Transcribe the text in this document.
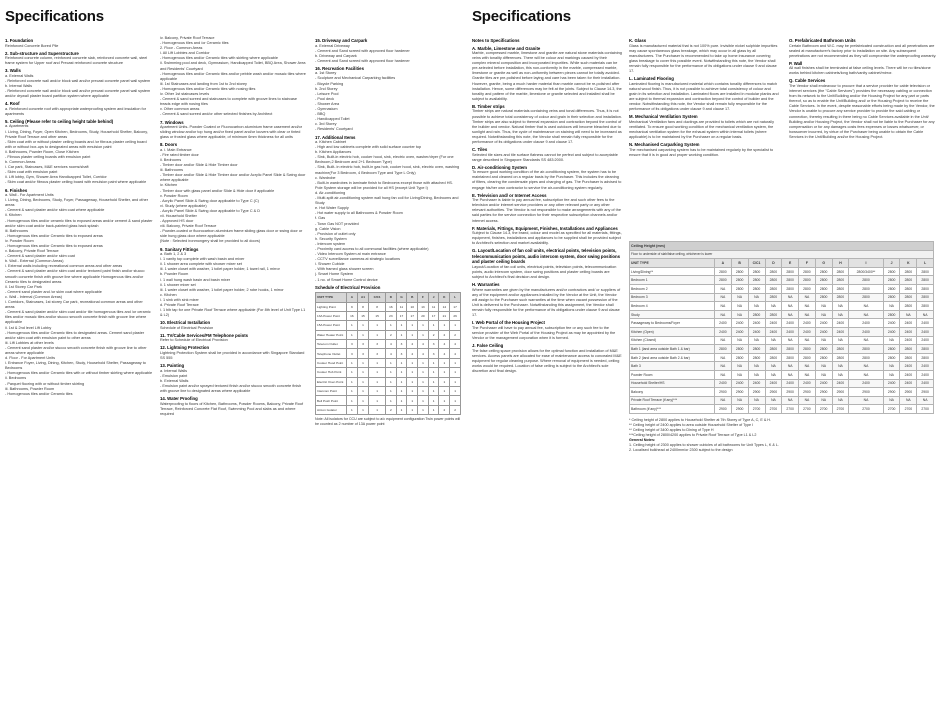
Specifications
1. Foundation
Reinforced Concrete Bored Pile
2. Sub-structure and Superstructure
Reinforced concrete column, reinforced concrete slab, reinforced concrete wall, steel frame system for Upper roof and Precast reinforced concrete structure
3. Walls
a. External Walls
- Reinforced concrete wall and/or block wall and/or precast concrete panel wall system
b. Internal Walls
- Reinforced concrete wall and/or block wall and/or precast concrete panel wall system and/or drywall plaster board partition system where applicable
4. Roof
a. Reinforced concrete roof with appropriate waterproofing system and insulation for apartments
5. Ceiling (Please refer to ceiling height table behind)
a. Apartments
i. Living, Dining, Foyer, Open Kitchen, Bedrooms, Study, Household Shelter, Balcony, Private Roof Terrace and other areas
- Skim coat with or without plaster ceiling boards and /or fibrous plaster ceiling board with or without box-ups to designated areas with emulsion paint
ii. Bathrooms, Powder Room, Close Kitchen
- Fibrous plaster ceiling boards with emulsion paint
b. Common Areas
i. Car park, Staircases, M&E services rooms/shaft
- Skim coat with emulsion paint
ii. Lift lobby, Gym, Shower Area Handicapped Toilet, Corridor
- Skim coat and/or fibrous plaster ceiling board with emulsion paint where applicable
6. Finishes
a. Wall - For Apartment Units
i. Living, Dining, Bedrooms, Study, Foyer, Passageway, Household Shelter, and other areas
- Cement & sand plaster and/or skim coat where applicable
ii. Kitchen
- Homogenous tiles and/or ceramic tiles to exposed areas and/or cement & sand plaster and/or skim coat and/or back-painted glass back splash
iii. Bathrooms
- Homogenous tiles and/or Ceramic tiles to exposed areas
iv. Powder Room
- Homogenous tiles and/or Ceramic tiles to exposed areas
v. Balcony, Private Roof Terrace
- Cement & sand plaster and/or skim coat
b. Wall - External (Common Areas)
i. External walls including recreational common areas and other areas
- Cement & sand plaster and/or skim coat and/or textured paint finish and/or stucco smooth concrete finish with groove line where applicable Homogenous tiles and/or Ceramic tiles to designated areas
ii. 1st Storey Car Park
- Cement sand plaster and /or skim coat where applicable
c. Wall - Internal (Common Areas)
i. Corridors, Staircases, 1st storey Car park, recreational common areas and other areas
- Cement & sand plaster and/or skim coat and/or tile homogenous tiles and /or ceramic tiles and/or mosaic tiles and/or stucco smooth concrete finish with groove line where applicable
ii. 1st & 2nd level Lift Lobby
- Homogenous tiles and/or Ceramic tiles to designated areas. Cement sand plaster and/or skim coat with emulsion paint to other areas
iii. Lift Lobbies at other levels
- Cement sand plaster and/or stucco smooth concrete finish with groove line to other areas where applicable
d. Floor - For Apartment Units
i. Entrance Foyer, Living, Dining, Kitchen, Study, Household Shelter, Passageway to Bedrooms
- Homogenous tiles and/or Ceramic tiles with or without timber skirting where applicable
ii. Bedrooms
- Parquet flooring with or without timber skirting
iii. Bathrooms, Powder Room
- Homogenous tiles and/or Ceramic tiles
iv. Balcony, Private Roof Terrace
- Homogenous tiles and /or Ceramic tiles
2. Floor - Common Areas
i. All Lift Lobbies and Corridor
- Homogenous tiles and/or Ceramic tiles with skirting where applicable
ii. Swimming pool and deck, Gymnasium, Handicapped Toilet, BBQ Area, Shower Area and Residents' Courtyard
- Homogenous tiles and/or Ceramic tiles and/or pebble wash and/or mosaic tiles where applicable
iii. 1st Staircases and landing from 1st to 2nd storey
- Homogenous tiles and/or Ceramic tiles with nosing tiles
iv. Other 1st staircases levels
- Cement & sand screed and staircases to complete with groove lines to staircase treads edge with nosing tiles
v. Other common areas
- Cement & sand screed and/or other selected finishes by Architect
7. Windows
Apartment Units- Powder Coated or Fluorocarbon aluminium frame casement and/or sliding window and/or top hung and/or fixed panel and/or louvers with clear or tinted glass or frosted glass where applicable, of minimum 6mm thickness for all units
8. Doors
a. i. Main Entrance
- Fire rated timber door
ii. Bedrooms
- Timber door and/or Slide & Hide Timber door
iii. Bathrooms
- Timber door and/or Slide & Hide Timber door and/or Acrylic Panel Slide & Swing door where applicable
iv. Kitchen
- Timber door with glass panel and/or Slide & Hide door if applicable
v. Powder Room
- Acrylic Panel Slide & Swing door applicable to Type C (C)
vi. Study (where applicable)
- Acrylic Panel Slide & Swing door applicable to Type C & D
vii. Household Shelter
- Approved HS door
viii. Balcony, Private Roof Terrace
- Powder-coated or fluorocarbon aluminium frame sliding glass door or swing door or side hung glass door where applicable
(Note : Selected ironmongery shall be provided to all doors)
9. Sanitary Fittings
a. Bath 1, 2 & 3
i. 1 vanity top complete with wash basin and mixer
ii. 1 shower area complete with shower mixer set
iii. 1 water closet with washer, 1 toilet paper holder, 1 towel rail, 1 mirror
b. Powder Room
i. 1 wall hung wash basin and basin mixer
ii. 1 shower mixer set
iii. 1 water closet with washer, 1 toilet paper holder, 2 robe hooks, 1 mirror
c. Kitchen
i. 1 sink with sink mixer
d. Private Roof Terrace
i. 1 bib tap for one Private Roof Terrace where applicable (For 8th level of Unit Type L1 & L2)
10. Electrical Installation
Schedule of Electrical Provision
11. TV/Cable Services/FM Telephone points
Refer to Schedule of Electrical Provision
12. Lightning Protection
Lightning Protection System shall be provided in accordance with Singapore Standard SS 555
13. Painting
a. Internal Walls
- Emulsion paint
b. External Walls
- Emulsion paint and/or sprayed textured finish and/or stucco smooth concrete finish with groove line to designated areas where applicable
14. Water Proofing
Waterproofing to floors of Kitchen, Bathrooms, Powder Rooms, Balcony, Private Roof Terrace, Reinforced Concrete Flat Roof, Swimming Pool and slabs as and where required
15. Driveway and Carpark
a. External Driveway
- Cement and Sand screed with approved floor hardener
b. Driveway and Carpark
- Cement and Sand screed with approved floor hardener
16. Recreation Facilities
a. 1st Storey
- Sculpture and Mechanical Carparking facilities
- Bicycle Parking
b. 2nd Storey
- Leisure Pool
- Pool deck
- Shower Area
- Gymnasium
- BBQ
- Handicapped Toilet
c. 3rd Storey
- Residents' Courtyard
17. Additional Items
a. Kitchen Cabinet
- High and low cabinets complete with solid surface counter top
b. Kitchen Appliances
- Sink, Built-in electric hob, cooker hood, sink, electric oven, washer/dryer (For one Bedroom,2 Bedroom and 2+1 Bedroom Type)
- Sink, Built- in electric hob, built-in gas hob, cooker hood, sink, electric oven, washing machine(For 3 Bedroom, 4 Bedroom Type and Type L Only)
c. Wardrobe
- Built-in wardrobes in laminate finish to Bedrooms except those with attached HS. Pole System storage will be provided for all HS (except Unit Type I)
d. Air-conditioning
- Multi-split air-conditioning system wall hung fan coil for Living/Dining, Bedrooms and Study
e. Hot Water Supply
- Hot water supply to all Bathrooms & Powder Room
f. Gas
- Town Gas NOT provided
g. Cable Vision
- Provision of outlet only
h. Security System
- Intercom system
- Proximity card access to all communal facilities (where applicable)
- Video Intercom System at main entrance
- CCTV surveillance cameras at strategic locations
i. Shower Cubicle
- With framed glass shower screen
j. Smart Home System
- 1 no. of Smart Home Control device
Schedule of Electrical Provision
UNIT TYPE	A	A1	C/C1	D	G	B	F	J	K	L
Lighting Point	9	8	8	16	11	10	13	11	14	17
13A Power Point	16	15	15	23	17	17	20	17	21	26
15A Power Point	1	1	1	1	1	1	1	1	1	1
Water Heater Point	1	1	1	2	1	1	1	2	2	2
Telecom Outlet	3	3	3	4	3	4	4	3	4	4
Telephone Outlet	3	3	3	4	3	4	4	3	4	4
Cooker Hood Point	1	1	1	1	1	1	1	1	1	1
Cooker Hob Point	1	1	1	1	1	1	1	1	1	1
Electric Oven Point	1	1	1	1	1	1	1	1	1	1
Intercom Point	1	1	1	1	1	1	1	1	1	1
Bell Push Point	1	1	1	1	1	1	1	1	1	1
Aircon Isolator	1	1	1	2	1	1	1	1	2	2
Note: All isolators for CCU are subject to a/c equipment configuration Twin power points will be counted as 2 number of 13A power point
Specifications
Notes to Specifications
A. Marble, Limestone and Granite
Marble, compressed marble, limestone and granite are natural stone materials containing veins with tonality differences. There will be colour and markings caused by their complex mineral composition and incorporated impurities. While such materials can be pre-selected before installation, this non-conformity in the marble, compressed marble, limestone or granite as well as non-uniformity between pieces cannot be totally avoided. Granite tiles are pre-polished before laying and care has been taken for their installation. However, granite, being a much harder material than marble cannot be re-polished after installation. Hence, some differences may be felt at the joints. Subject to Clause 14.3, the tonality and pattern of the marble, limestone or granite selected and installed shall be subject to availability.
B. Timber strips
Timber strips are natural materials containing veins and tonal differences. Thus, it is not possible to achieve total consistency of colour and grain in their selection and installation. Timber strips are also subject to thermal expansion and contraction beyond the control of the builder and vendor. Natural timber that is used outdoors will become bleached due to sunlight and rain. Thus, the cycle of maintenance on staining will need to be increased as required. Notwithstanding this note, the Vendor shall remain fully responsible for the performance of its obligations under clause 9 and clause 17.
C. Tiles
Selected tile sizes and tile surface flatness cannot be perfect and subject to acceptable range described in Singapore Standards SS 483:2000.
D. Air-conditioning System
To ensure good working condition of the air-conditioning system, the system has to be maintained and cleaned on a regular basis by the Purchaser. This includes the cleaning of filters, clearing the condensate pipes and charging of gas. The Purchaser is advised to engage his/her own contractor to service the air-conditioning system regularly.
E. Television and/ or Internet Access
The Purchaser is liable to pay annual fee, subscription fee and such other fees to the television and/or internet service providers or any other relevant party or any other relevant authorities. The Vendor is not responsible to make arrangements with any of the said parties for the service connection for their respective subscription channels and/or internet access.
F. Materials, Fittings, Equipment, Finishes, Installations and Appliances
Subject to Clause 14.3, the brand, colour and model as specified for all materials, fittings, equipment, finishes, installations and appliances to be supplied shall be provided subject to Architect's selection and market availability.
G. Layout/Location of fan coil units, electrical points, television points, telecommunication points, audio intercom system, door swing positions and plaster ceiling boards
Layout/Location of fan coil units, electrical points, television points, telecommunication points, audio intercom system, door swing positions and plaster ceiling boards are subject to Architect's final decision and design.
H. Warranties
Where warranties are given by the manufacturers and/or contractors and/ or suppliers of any of the equipment and/or appliances installed by the Vendor at the Unit, the Vendor will assign to the Purchaser such warranties at the time when vacant possession of the Unit is delivered to the Purchaser. Notwithstanding this assignment, the Vendor shall remain fully responsible for the performance of its obligations under clause 9 and clause 17.
I. Web Portal of the Housing Project
The Purchaser will have to pay annual fee, subscription fee or any such fee to the service provider of the Web Portal of the Housing Project as may be appointed by the Vendor or the management corporation when it is formed.
J. False Ceiling
The false ceiling space provision allows for the optimal function and installation of M&E services. Access panels are allocated for ease of maintenance access to concealed M&E equipment for regular cleaning purpose. Where removal of equipment is needed, ceiling works would be required. Location of false ceiling is subject to the Architect's sole discretion and final design.
K. Glass
Glass is manufactured material that is not 100% pure. Invisible nickel sulphide impurities may cause spontaneous glass breakage, which may occur in all glass by all manufacturers. The Purchaser is recommended to take up home insurance covering glass breakage to cover this possible event. Notwithstanding this note, the Vendor shall remain fully responsible for the performance of its obligations under clause 9 and clause 17.
L. Laminated Flooring
Laminated flooring is manufactured material which contains tonality differences to match natural wood finish. Thus, it is not possible to achieve total consistency of colour and grain in its selection and installation. Laminated floors are installed in modular planks and are subject to thermal expansion and contraction beyond the control of builder and the vendor. Notwithstanding this note, the Vendor shall remain fully responsible for the performance of its obligations under clause 9 and clause 17.
M. Mechanical Ventilation System
Mechanical Ventilation fans and ductings are provided to toilets which are not naturally ventilated. To ensure good working condition of the mechanical ventilation system, the mechanical ventilation system for the exhaust system within internal toilets (where applicable) is to be maintained by the Purchaser on a regular basis.
N. Mechanised Carparking System
The mechanised carparking system has to be maintained regularly by the specialist to ensure that it is in good and proper working condition.
O. Prefabricated Bathroom Units
Certain Bathroom and W.C. may be prefabricated construction and all penetrations are sealed at manufacturer's factory prior to installation on site. Any subsequent penetrations are not recommended as they will compromise the waterproofing warranty.
P. Wall
All wall finishes shall be terminated at false ceiling levels. There will be no tiles/stone works behind kitchen cabinets/long bath/vanity cabinet/mirror.
Q. Cable Services
The Vendor shall endeavour to procure that a service provider for cable television or internet services (the "Cable Services") provides the necessary cabling or connection from its network to the Unit/Building and/or the Housing Project for any part or parts thereof, so as to enable the Unit/Building and/ or the Housing Project to receive the Cable Services. In the event, despite reasonable efforts being made by the Vendor, the Vendor is unable to procure any service provider to provide the said cabling or connection, thereby resulting in there being no Cable Services available in the Unit/ Building and/or Housing Project, the Vendor shall not be liable to the Purchaser for any compensation or for any damages costs fees expenses or losses whatsoever, or howsoever incurred, by virtue of the Purchaser being unable to obtain the Cable Services in the Unit/Building and/or the Housing Project.
Ceiling Height (mm)												
Floor to underside of slab/false ceiling, whichever is lower												
UNIT TYPE	A	B	C/C1	D	E	F	G	H	I	J	K	L
Living/Dining**	2800	2800	2800	2800	2800	2800	2800	2800	2800/3400**	2800	2800	2800
Bedroom 1	2800	2800	2800	2800	2800	2800	2800	2800	2800	2800	2800	2800
Bedroom 2	NA	2800	2800	2800	2800	2800	2800	2800	2800	2800	2800	2800
Bedroom 3	NA	NA	NA	2800	NA	NA	2800	2800	2800	2800	2800	2800
Bedroom 4	NA	NA	NA	NA	NA	NA	NA	NA	NA	NA	2800	2800
Study	NA	NA	2800	2800	NA	NA	NA	NA	NA	2800	NA	NA
Passageway to Bedrooms/Foyer	2400	2400	2400	2400	2400	2400	2400	2400	2400	2400	2400	2400
Kitchen (Open)	2400	2400	2400	2400	2400	2400	2400	2400	2400	2400	2400	2400
Kitchen (Closed)	NA	NA	NA	NA	NA	NA	NA	NA	NA	NA	2400	2400
Bath 1 (land area outside Bath 1 & bar)	2800	2800	2800	2800	2800	2800	2800	2800	2800	2800	2800	2800
Bath 2 (land area outside Bath 2 & bar)	NA	2800	2800	2800	2800	2800	2800	2800	2800	2800	2800	2800
Bath 3	NA	NA	NA	NA	NA	NA	NA	NA	NA	NA	2400	2400
Powder Room	NA	NA	NA	NA	NA	NA	NA	NA	NA	NA	2400	2400
Household Shelter/HS	2400	2400	2400	2400	2400	2400	2400	2400	2400	2400	2400	2400
Balcony	2900	2900	2900	2900	2900	2900	2900	2900	2900	2900	2900	2900
Private Roof Terrace (if any)***	NA	NA	NA	NA	NA	NA	NA	NA	NA	NA	NA	NA
Bathroom (if any)***	2900	2900	2700	2700	2700	2700	2700	2700	2700	2700	2700	2700
* Ceiling height of 2800 applies to Household Shelter at 7th Storey of Type A, C, E & H.
** Ceiling height of 2400 applies to area outside Household Shelter of Type I
** Ceiling height of 3400 applies to Dining of Type H
***Ceiling height of 2800/4200 applies to Private Roof Terrace of Type L1 & L2
General Notes:
1. Ceiling height of 2300 applies to shower cubicles of all bathrooms for Unit Types L, K & L.
2. Localised bulkhead at 2400mm/or 2300 subject to the design
